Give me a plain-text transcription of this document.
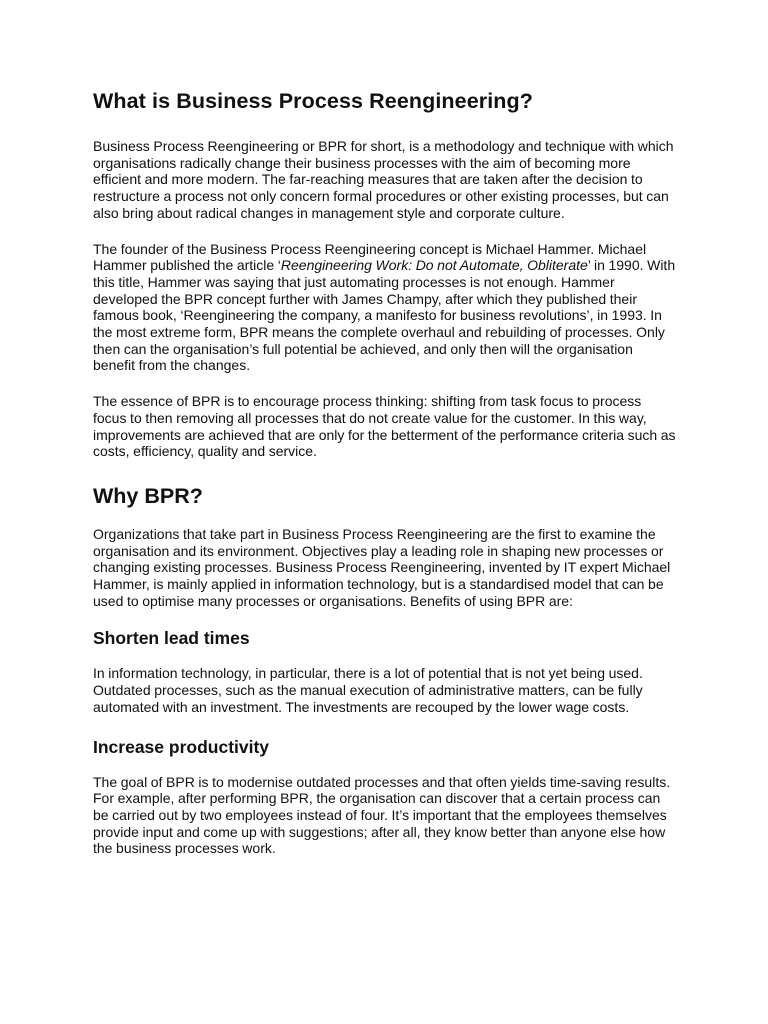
What is Business Process Reengineering?

Business Process Reengineering or BPR for short, is a methodology and technique with which organisations radically change their business processes with the aim of becoming more efficient and more modern. The far-reaching measures that are taken after the decision to restructure a process not only concern formal procedures or other existing processes, but can also bring about radical changes in management style and corporate culture.

The founder of the Business Process Reengineering concept is Michael Hammer. Michael Hammer published the article ‘Reengineering Work: Do not Automate, Obliterate’ in 1990. With this title, Hammer was saying that just automating processes is not enough. Hammer developed the BPR concept further with James Champy, after which they published their famous book, ‘Reengineering the company, a manifesto for business revolutions’, in 1993. In the most extreme form, BPR means the complete overhaul and rebuilding of processes. Only then can the organisation’s full potential be achieved, and only then will the organisation benefit from the changes.

The essence of BPR is to encourage process thinking: shifting from task focus to process focus to then removing all processes that do not create value for the customer. In this way, improvements are achieved that are only for the betterment of the performance criteria such as costs, efficiency, quality and service.

Why BPR?

Organizations that take part in Business Process Reengineering are the first to examine the organisation and its environment. Objectives play a leading role in shaping new processes or changing existing processes. Business Process Reengineering, invented by IT expert Michael Hammer, is mainly applied in information technology, but is a standardised model that can be used to optimise many processes or organisations. Benefits of using BPR are:

Shorten lead times

In information technology, in particular, there is a lot of potential that is not yet being used. Outdated processes, such as the manual execution of administrative matters, can be fully automated with an investment. The investments are recouped by the lower wage costs.

Increase productivity

The goal of BPR is to modernise outdated processes and that often yields time-saving results. For example, after performing BPR, the organisation can discover that a certain process can be carried out by two employees instead of four. It’s important that the employees themselves provide input and come up with suggestions; after all, they know better than anyone else how the business processes work.
